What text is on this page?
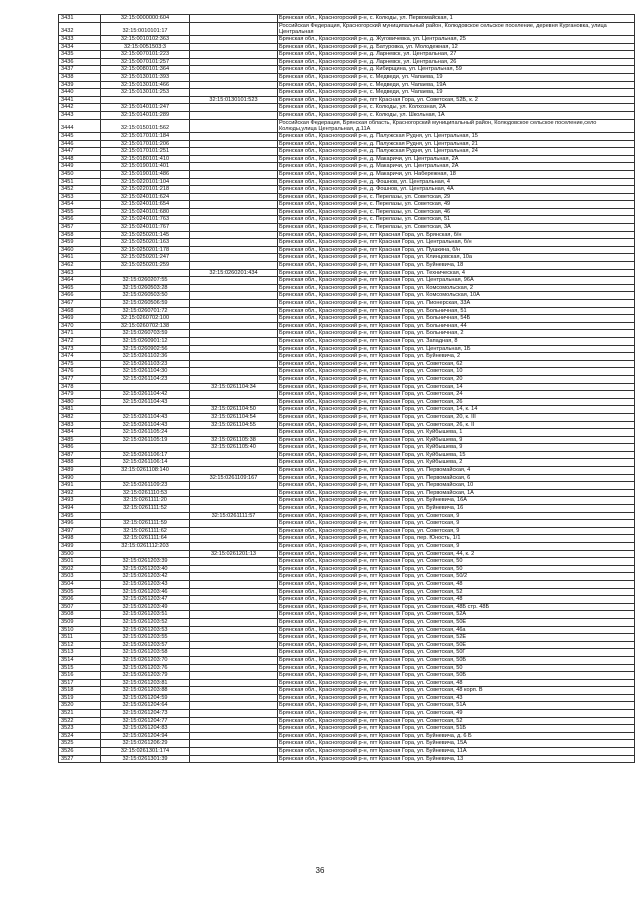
3431	32:15:0000000:604		Брянская обл., Красногорский р-н, с. Колюды, ул. Первомайская, 1
3432	32:15:0010101:17		Российская Федерация, Красногорский муниципальный район, Колюдовское сельское поселение, деревня Кургановка, улица Центральная
3433	32:15:0010102:363		Брянская обл., Красногорский р-н, д. Жуговичевка, ул. Центральная, 25
3434	32:15:0051503:3		Брянская обл., Красногорский р-н, д. Батуровка, ул. Молодежная, 12
3435	32:15:0070101:223		Брянская обл., Красногорский р-н, д. Ларневск, ул. Центральная, 27
3436	32:15:0070101:257		Брянская обл., Красногорский р-н, д. Ларневск, ул. Центральная, 26
3437	32:15:0080101:364		Брянская обл., Красногорский р-н, д. Кибирщина, ул. Центральная, 59
3438	32:15:0130101:393		Брянская обл., Красногорский р-н, с. Медведи, ул. Чапаева, 19
3439	32:15:0130101:466		Брянская обл., Красногорский р-н, с. Медведи, ул. Чапаева, 19А
3440	32:15:0130101:253		Брянская обл., Красногорский р-н, с. Медведи, ул. Чапаева, 19
3441		32:15:0130101:523	Брянская обл., Красногорский р-н, пгт Красная Гора, ул. Советская, 52Б, к. 2
3442	32:15:0140101:247		Брянская обл., Красногорский р-н, с. Колюды, ул. Колхозная, 2А
3443	32:15:0140101:289		Брянская обл., Красногорский р-н, с. Колюды, ул. Школьная, 1А
3444	32:15:0150101:562		Российская Федерация, Брянская область, Красногорский муниципальный район, Колюдовское сельское поселение,село Колюды,улица Центральная, д.11А
3445	32:15:0170101:184		Брянская обл., Красногорский р-н, д. Палужская Рудня, ул. Центральная, 15
3446	32:15:0170101:206		Брянская обл., Красногорский р-н, д. Палужская Рудня, ул. Центральная, 21
3447	32:15:0170101:251		Брянская обл., Красногорский р-н, д. Палужская Рудня, ул. Центральная, 24
3448	32:15:0180101:410		Брянская обл., Красногорский р-н, д. Макаричи, ул. Центральная, 2А
3449	32:15:0190101:401		Брянская обл., Красногорский р-н, д. Макаричи, ул. Центральная, 2А
3450	32:15:0190101:486		Брянская обл., Красногорский р-н, д. Макаричи, ул. Набережная, 18
3451	32:15:0220101:104		Брянская обл., Красногорский р-н, д. Фошнов, ул. Центральная, 4
3452	32:15:0220101:218		Брянская обл., Красногорский р-н, д. Фошнов, ул. Центральная, 4А
3453	32:15:0240101:624		Брянская обл., Красногорский р-н, с. Перелазы, ул. Советская, 29
3454	32:15:0240101:654		Брянская обл., Красногорский р-н, с. Перелазы, ул. Советская, 49
3455	32:15:0240101:680		Брянская обл., Красногорский р-н, с. Перелазы, ул. Советская, 46
3456	32:15:0240101:763		Брянская обл., Красногорский р-н, с. Перелазы, ул. Советская, 51
3457	32:15:0240101:767		Брянская обл., Красногорский р-н, с. Перелазы, ул. Советская, 3А
3458	32:15:0250201:145		Брянская обл., Красногорский р-н, пгт Красная Гора, ул. Брянская, б/н
3459	32:15:0250201:163		Брянская обл., Красногорский р-н, пгт Красная Гора, ул. Центральная, б/н
3460	32:15:0250201:178		Брянская обл., Красногорский р-н, пгт Красная Гора, ул. Пушкина, б/н
3461	32:15:0250201:247		Брянская обл., Красногорский р-н, пгт Красная Гора, ул. Клинцовская, 10а
3462	32:15:0250201:259		Брянская обл., Красногорский р-н, пгт Красная Гора, ул. Буйневича, 18
3463		32:15:0260201:434	Брянская обл., Красногорский р-н, пгт Красная Гора, ул. Техническая, 4
3464	32:15:0260207:55		Брянская обл., Красногорский р-н, пгт Красная Гора, ул. Центральная, 96А
3465	32:15:0260503:28		Брянская обл., Красногорский р-н, пгт Красная Гора, ул. Комсомольская, 2
3466	32:15:0260503:50		Брянская обл., Красногорский р-н, пгт Красная Гора, ул. Комсомольская, 10А
3467	32:15:0260506:59		Брянская обл., Красногорский р-н, пгт Красная Гора, ул. Пионерская, 33А
3468	32:15:0260701:72		Брянская обл., Красногорский р-н, пгт Красная Гора, ул. Больничная, 51
3469	32:15:0260702:100		Брянская обл., Красногорский р-н, пгт Красная Гора, ул. Больничная, 54Б
3470	32:15:0260702:138		Брянская обл., Красногорский р-н, пгт Красная Гора, ул. Больничная, 44
3471	32:15:0260703:59		Брянская обл., Красногорский р-н, пгт Красная Гора, ул. Больничная, 2
3472	32:15:0260901:12		Брянская обл., Красногорский р-н, пгт Красная Гора, ул. Западная, 8
3473	32:15:0260902:56		Брянская обл., Красногорский р-н, пгт Красная Гора, ул. Центральная, 1Б
3474	32:15:0261102:36		Брянская обл., Красногорский р-н, пгт Красная Гора, ул. Буйневича, 2
3475	32:15:0261103:23		Брянская обл., Красногорский р-н, пгт Красная Гора, ул. Советская, 62
3476	32:15:0261104:30		Брянская обл., Красногорский р-н, пгт Красная Гора, ул. Советская, 10
3477	32:15:0261104:23		Брянская обл., Красногорский р-н, пгт Красная Гора, ул. Советская, 20
3478		32:15:0261104:34	Брянская обл., Красногорский р-н, пгт Красная Гора, ул. Советская, 14
3479	32:15:0261104:42		Брянская обл., Красногорский р-н, пгт Красная Гора, ул. Советская, 24
3480	32:15:0261104:43		Брянская обл., Красногорский р-н, пгт Красная Гора, ул. Советская, 26
3481		32:15:0261104:50	Брянская обл., Красногорский р-н, пгт Красная Гора, ул. Советская, 14, к. 14
3482	32:15:0261104:43	32:15:0261104:54	Брянская обл., Красногорский р-н, пгт Красная Гора, ул. Советская, 20, к. III
3483	32:15:0261104:43	32:15:0261104:55	Брянская обл., Красногорский р-н, пгт Красная Гора, ул. Советская, 26, к. II
3484	32:15:0261105:24		Брянская обл., Красногорский р-н, пгт Красная Гора, ул. Куйбышева, 1
3485	32:15:0261105:19	32:15:0261105:38	Брянская обл., Красногорский р-н, пгт Красная Гора, ул. Куйбышева, 9
3486		32:15:0261105:40	Брянская обл., Красногорский р-н, пгт Красная Гора, ул. Куйбышева, 9
3487	32:15:0261106:17		Брянская обл., Красногорский р-н, пгт Красная Гора, ул. Куйбышева, 15
3488	32:15:0261106:14		Брянская обл., Красногорский р-н, пгт Красная Гора, ул. Куйбышева, 2
3489	32:15:0261108:140		Брянская обл., Красногорский р-н, пгт Красная Гора, ул. Первомайская, 4
3490		32:15:0261109:167	Брянская обл., Красногорский р-н, пгт Красная Гора, ул. Первомайская, 6
3491	32:15:0261109:23		Брянская обл., Красногорский р-н, пгт Красная Гора, ул. Первомайская, 10
3492	32:15:0261110:53		Брянская обл., Красногорский р-н, пгт Красная Гора, ул. Первомайская, 1А
3493	32:15:0261111:20		Брянская обл., Красногорский р-н, пгт Красная Гора, ул. Буйневича, 16А
3494	32:15:0261111:52		Брянская обл., Красногорский р-н, пгт Красная Гора, ул. Буйневича, 16
3495		32:15:0261111:57	Брянская обл., Красногорский р-н, пгт Красная Гора, ул. Советская, 9
3496	32:15:0261111:59		Брянская обл., Красногорский р-н, пгт Красная Гора, ул. Советская, 9
3497	32:15:0261111:62		Брянская обл., Красногорский р-н, пгт Красная Гора, ул. Советская, 9
3498	32:15:0261111:64		Брянская обл., Красногорский р-н, пгт Красная Гора, пер. Юность, 1/1
3499	32:15:0261112:203		Брянская обл., Красногорский р-н, пгт Красная Гора, ул. Советская, 9
3500		32:15:0261201:13	Брянская обл., Красногорский р-н, пгт Красная Гора, ул. Советская, 44, к. 2
3501	32:15:0261203:39		Брянская обл., Красногорский р-н, пгт Красная Гора, ул. Советская, 50
3502	32:15:0261203:40		Брянская обл., Красногорский р-н, пгт Красная Гора, ул. Советская, 50
3503	32:15:0261203:42		Брянская обл., Красногорский р-н, пгт Красная Гора, ул. Советская, 50/2
3504	32:15:0261203:43		Брянская обл., Красногорский р-н, пгт Красная Гора, ул. Советская, 48
3505	32:15:0261203:46		Брянская обл., Красногорский р-н, пгт Красная Гора, ул. Советская, 52
3506	32:15:0261203:47		Брянская обл., Красногорский р-н, пгт Красная Гора, ул. Советская, 48
3507	32:15:0261203:49		Брянская обл., Красногорский р-н, пгт Красная Гора, ул. Советская, 48Б стр. 48Б
3508	32:15:0261203:51		Брянская обл., Красногорский р-н, пгт Красная Гора, ул. Советская, 52А
3509	32:15:0261203:52		Брянская обл., Красногорский р-н, пгт Красная Гора, ул. Советская, 50Е
3510	32:15:0261203:53		Брянская обл., Красногорский р-н, пгт Красная Гора, ул. Советская, 46а
3511	32:15:0261203:55		Брянская обл., Красногорский р-н, пгт Красная Гора, ул. Советская, 52Е
3512	32:15:0261203:57		Брянская обл., Красногорский р-н, пгт Красная Гора, ул. Советская, 50Е
3513	32:15:0261203:58		Брянская обл., Красногорский р-н, пгт Красная Гора, ул. Советская, 50Г
3514	32:15:0261203:70		Брянская обл., Красногорский р-н, пгт Красная Гора, ул. Советская, 50Б
3515	32:15:0261203:76		Брянская обл., Красногорский р-н, пгт Красная Гора, ул. Советская, 50
3516	32:15:0261203:79		Брянская обл., Красногорский р-н, пгт Красная Гора, ул. Советская, 50Б
3517	32:15:0261203:81		Брянская обл., Красногорский р-н, пгт Красная Гора, ул. Советская, 48
3518	32:15:0261203:88		Брянская обл., Красногорский р-н, пгт Красная Гора, ул. Советская, 48 корп. В
3519	32:15:0261204:59		Брянская обл., Красногорский р-н, пгт Красная Гора, ул. Советская, 43
3520	32:15:0261204:64		Брянская обл., Красногорский р-н, пгт Красная Гора, ул. Советская, 51А
3521	32:15:0261204:73		Брянская обл., Красногорский р-н, пгт Красная Гора, ул. Советская, 49
3522	32:15:0261204:77		Брянская обл., Красногорский р-н, пгт Красная Гора, ул. Советская, 52
3523	32:15:0261204:83		Брянская обл., Красногорский р-н, пгт Красная Гора, ул. Советская, 51Б
3524	32:15:0261204:94		Брянская обл., Красногорский р-н, пгт Красная Гора, ул. Буйневича, д. 6 Б
3525	32:15:0261206:29		Брянская обл., Красногорский р-н, пгт Красная Гора, ул. Буйневича, 15А
3526	32:15:0261301:174		Брянская обл., Красногорский р-н, пгт Красная Гора, ул. Буйневича, 11А
3527	32:15:0261301:39		Брянская обл., Красногорский р-н, пгт Красная Гора, ул. Буйневича, 13
36
